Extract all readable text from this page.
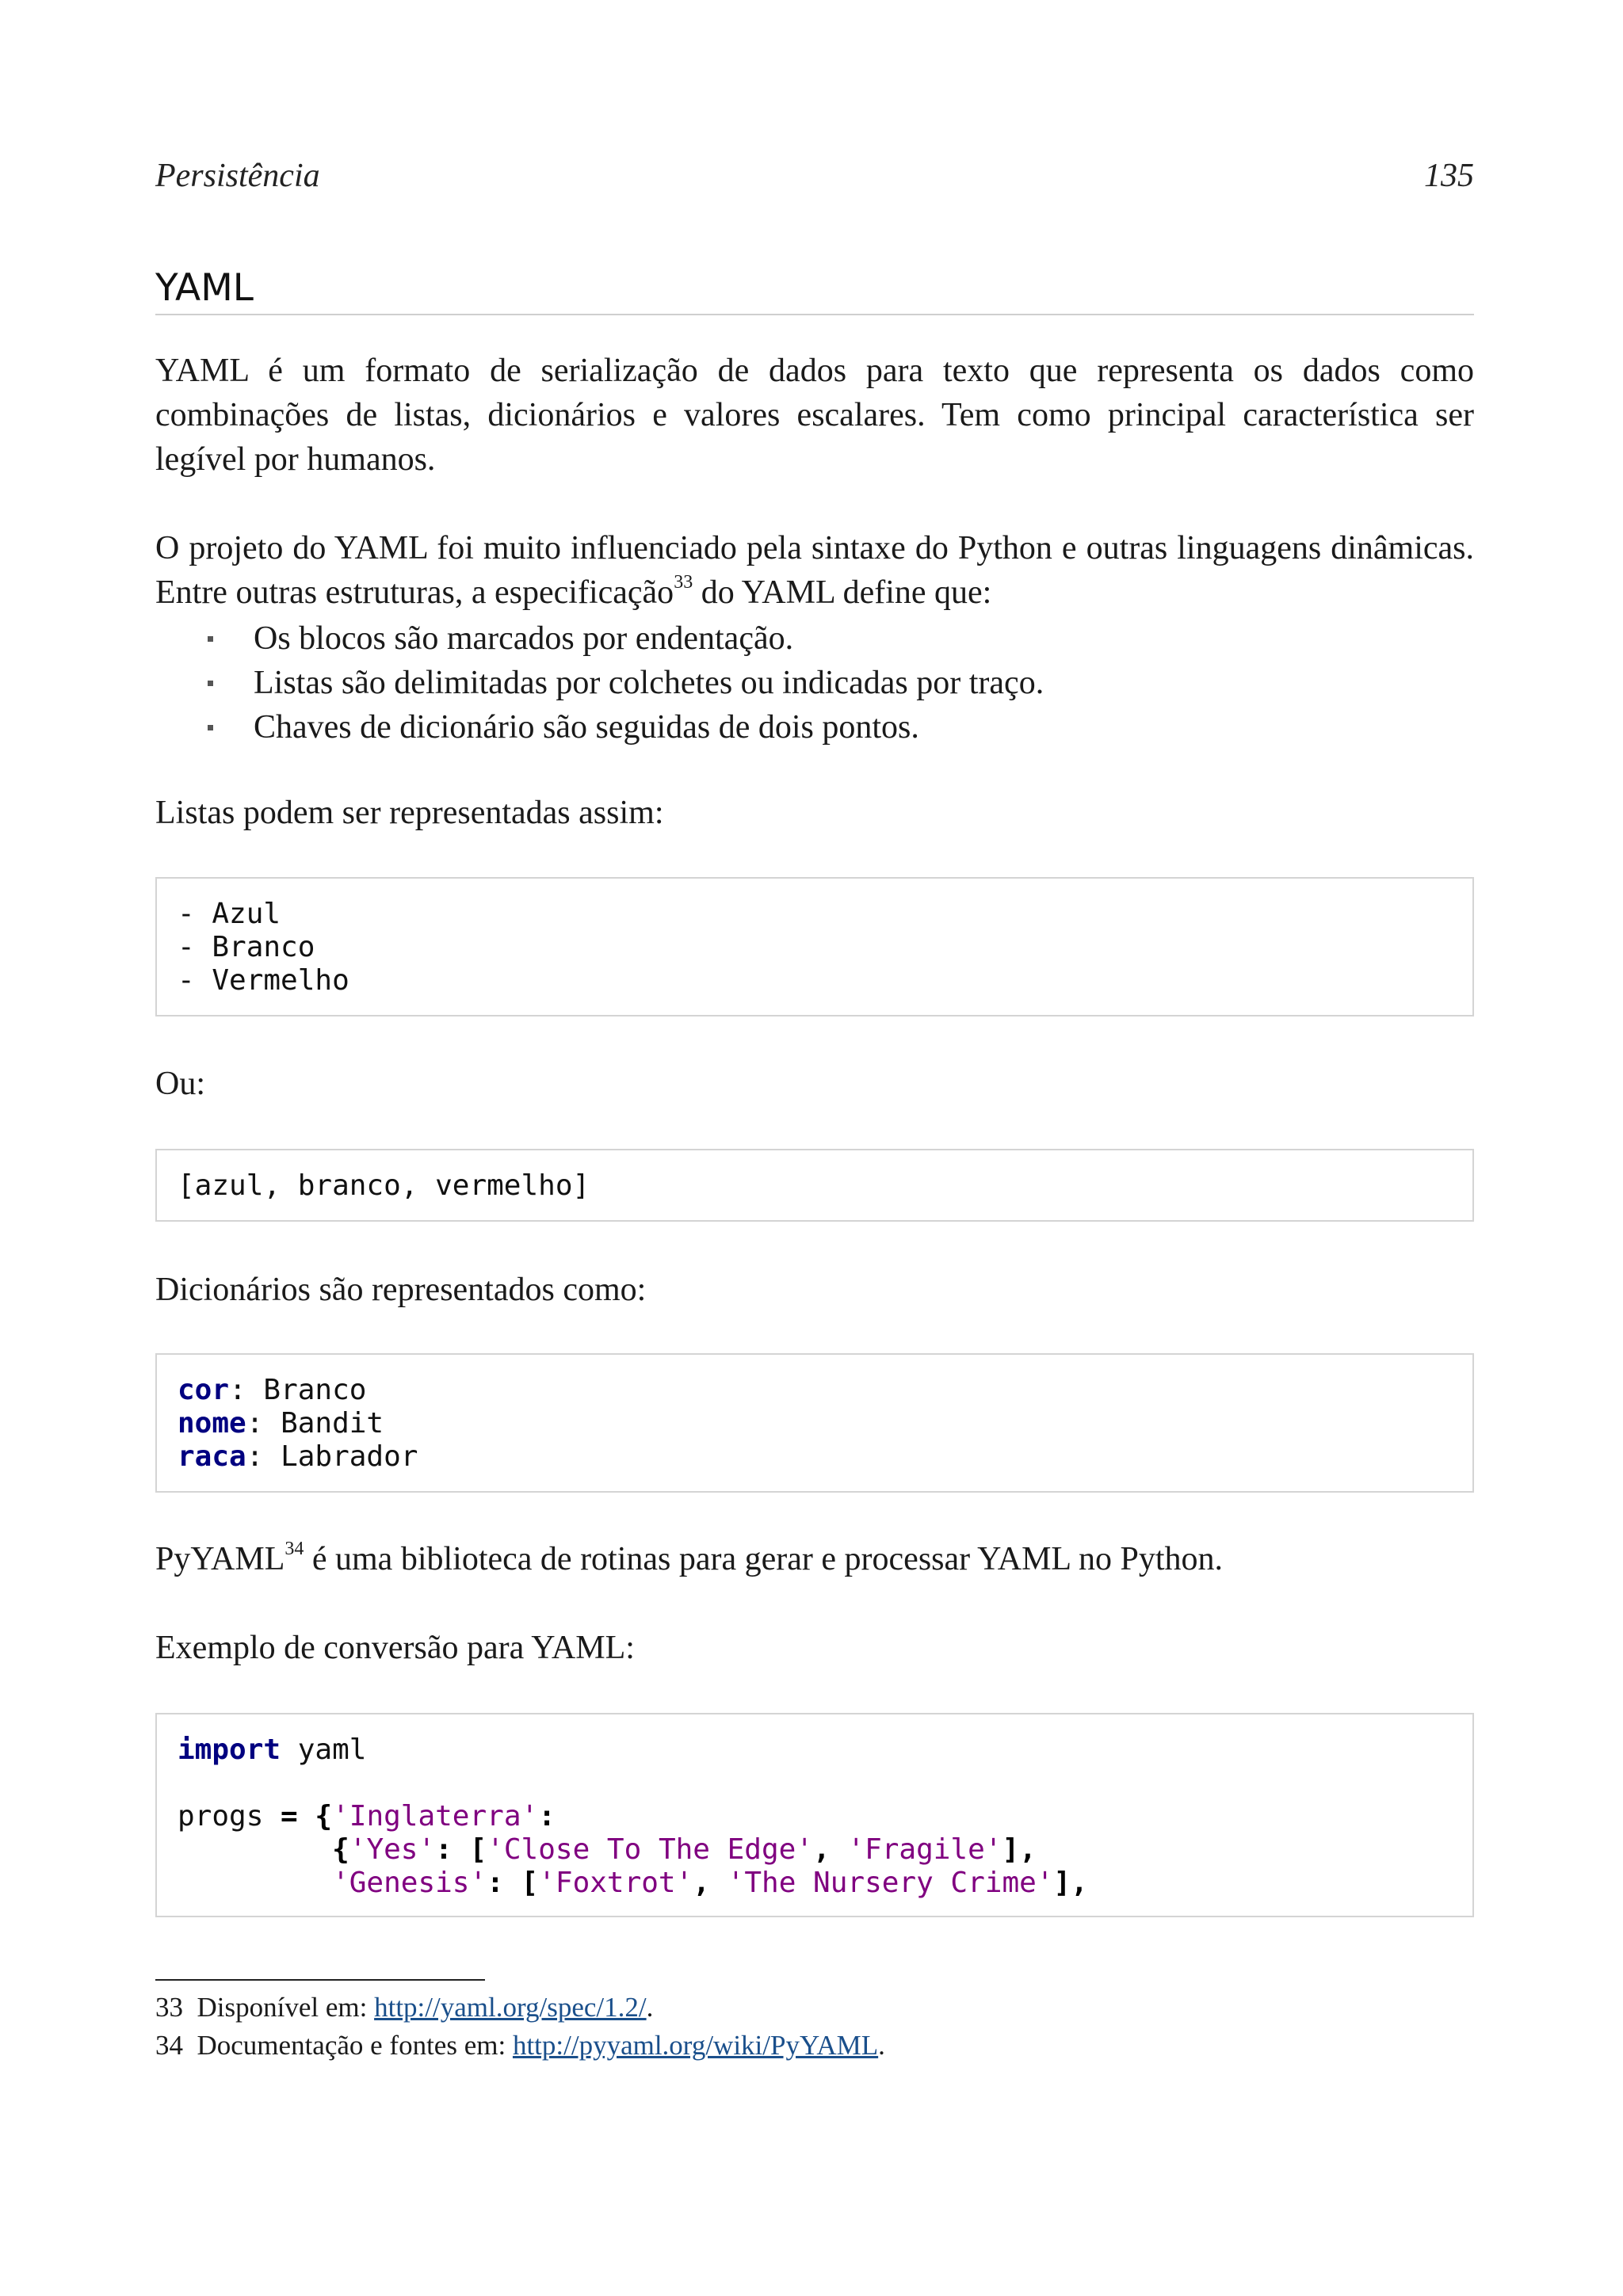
Persistência	135
YAML

YAML é um formato de serialização de dados para texto que representa os dados como combinações de listas, dicionários e valores escalares. Tem como principal característica ser legível por humanos.

O projeto do YAML foi muito influenciado pela sintaxe do Python e outras linguagens dinâmicas. Entre outras estruturas, a especificação$^{33}$ do YAML define que:

Os blocos são marcados por endentação.
Listas são delimitadas por colchetes ou indicadas por traço.
Chaves de dicionário são seguidas de dois pontos.

Listas podem ser representadas assim:

- Azul
- Branco
- Vermelho

Ou:

[azul, branco, vermelho]

Dicionários são representados como:

cor: Branco
nome: Bandit
raca: Labrador

PyYAML$^{34}$ é uma biblioteca de rotinas para gerar e processar YAML no Python.

Exemplo de conversão para YAML:

import yaml

progs = {'Inglaterra':
{'Yes': ['Close To The Edge', 'Fragile'],
'Genesis': ['Foxtrot', 'The Nursery Crime'],
33 Disponível em: http://yaml.org/spec/1.2/.
34 Documentação e fontes em: http://pyyaml.org/wiki/PyYAML.
